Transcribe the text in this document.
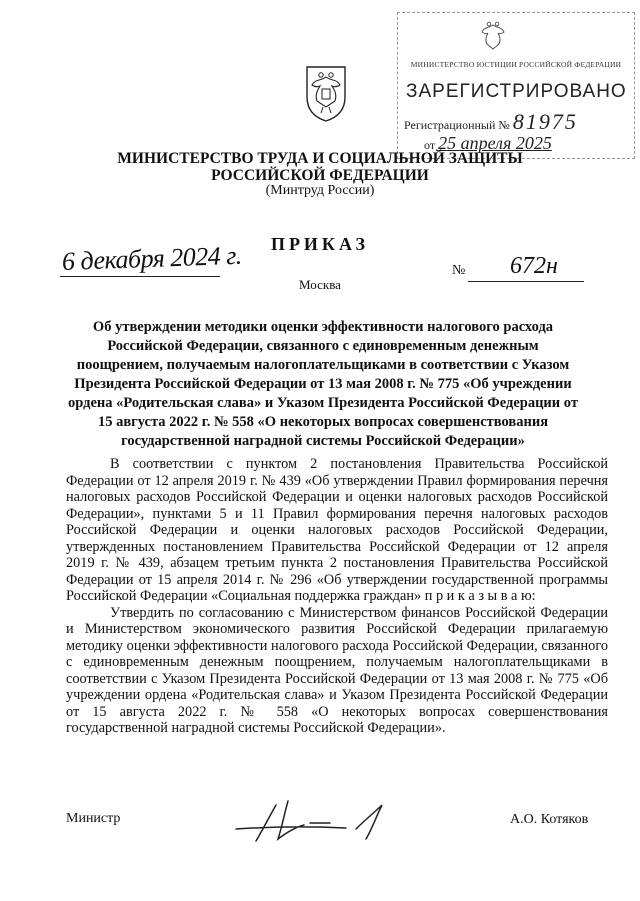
МИНИСТЕРСТВО ЮСТИЦИИ РОССИЙСКОЙ ФЕДЕРАЦИИ
ЗАРЕГИСТРИРОВАНО
Регистрационный № 81975
от 25 апреля 2025
МИНИСТЕРСТВО ТРУДА И СОЦИАЛЬНОЙ ЗАЩИТЫ
РОССИЙСКОЙ ФЕДЕРАЦИИ
(Минтруд России)
ПРИКАЗ
6 декабря 2024 г.
Москва
№ 672н
Об утверждении методики оценки эффективности налогового расхода Российской Федерации, связанного с единовременным денежным поощрением, получаемым налогоплательщиками в соответствии с Указом Президента Российской Федерации от 13 мая 2008 г. № 775 «Об учреждении ордена «Родительская слава» и Указом Президента Российской Федерации от 15 августа 2022 г. № 558 «О некоторых вопросах совершенствования государственной наградной системы Российской Федерации»

В соответствии с пунктом 2 постановления Правительства Российской Федерации от 12 апреля 2019 г. № 439 «Об утверждении Правил формирования перечня налоговых расходов Российской Федерации и оценки налоговых расходов Российской Федерации», пунктами 5 и 11 Правил формирования перечня налоговых расходов Российской Федерации и оценки налоговых расходов Российской Федерации, утвержденных постановлением Правительства Российской Федерации от 12 апреля 2019 г. № 439, абзацем третьим пункта 2 постановления Правительства Российской Федерации от 15 апреля 2014 г. № 296 «Об утверждении государственной программы Российской Федерации «Социальная поддержка граждан» п р и к а з ы в а ю:

Утвердить по согласованию с Министерством финансов Российской Федерации и Министерством экономического развития Российской Федерации прилагаемую методику оценки эффективности налогового расхода Российской Федерации, связанного с единовременным денежным поощрением, получаемым налогоплательщиками в соответствии с Указом Президента Российской Федерации от 13 мая 2008 г. № 775 «Об учреждении ордена «Родительская слава» и Указом Президента Российской Федерации от 15 августа 2022 г. № 558 «О некоторых вопросах совершенствования государственной наградной системы Российской Федерации».

Министр	А.О. Котяков
